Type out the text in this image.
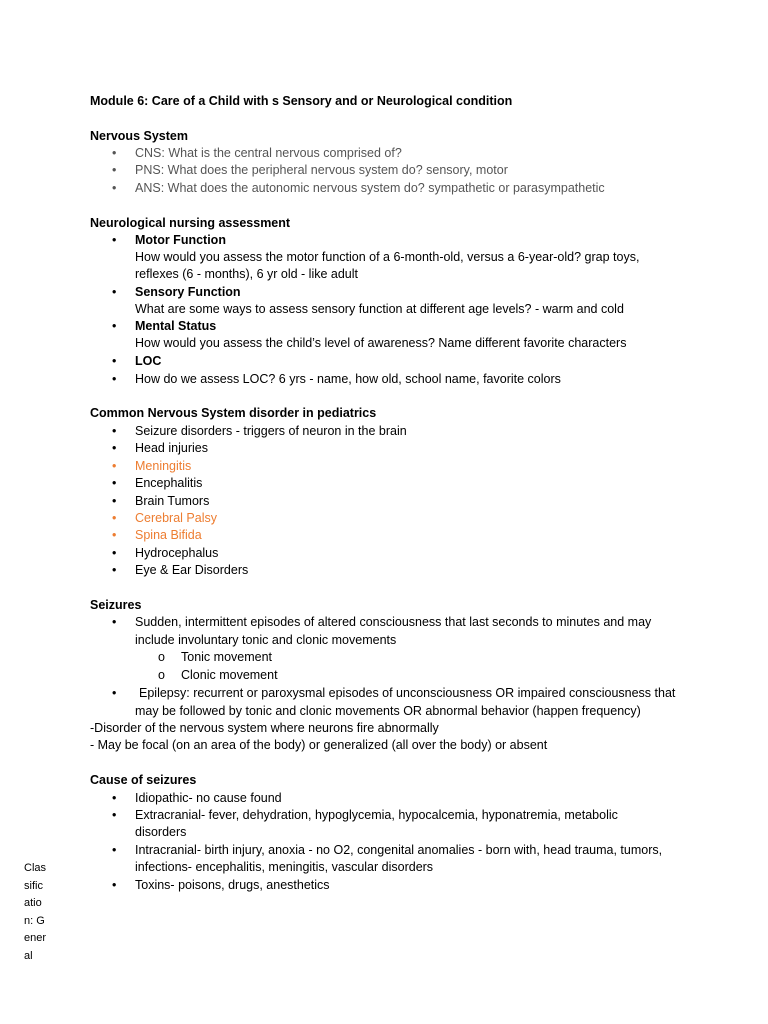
Module 6: Care of a Child with s Sensory and or Neurological condition
Nervous System
• CNS: What is the central nervous comprised of?
• PNS: What does the peripheral nervous system do? sensory, motor
• ANS: What does the autonomic nervous system do? sympathetic or parasympathetic
Neurological nursing assessment
• Motor Function
How would you assess the motor function of a 6-month-old, versus a 6-year-old? grap toys,
reflexes (6 - months), 6 yr old - like adult
• Sensory Function
What are some ways to assess sensory function at different age levels? - warm and cold
• Mental Status
How would you assess the child’s level of awareness? Name different favorite characters
• LOC
• How do we assess LOC? 6 yrs - name, how old, school name, favorite colors
Common Nervous System disorder in pediatrics
• Seizure disorders - triggers of neuron in the brain
• Head injuries
• Meningitis
• Encephalitis
• Brain Tumors
• Cerebral Palsy
• Spina Bifida
• Hydrocephalus
• Eye & Ear Disorders
Seizures
• Sudden, intermittent episodes of altered consciousness that last seconds to minutes and may
include involuntary tonic and clonic movements
o Tonic movement
o Clonic movement
• Epilepsy: recurrent or paroxysmal episodes of unconsciousness OR impaired consciousness that
may be followed by tonic and clonic movements OR abnormal behavior (happen frequency)
-Disorder of the nervous system where neurons fire abnormally
- May be focal (on an area of the body) or generalized (all over the body) or absent
Cause of seizures
• Idiopathic- no cause found
• Extracranial- fever, dehydration, hypoglycemia, hypocalcemia, hyponatremia, metabolic
disorders
• Intracranial- birth injury, anoxia - no O2, congenital anomalies - born with, head trauma, tumors,
infections- encephalitis, meningitis, vascular disorders
• Toxins- poisons, drugs, anesthetics
Classification: General
